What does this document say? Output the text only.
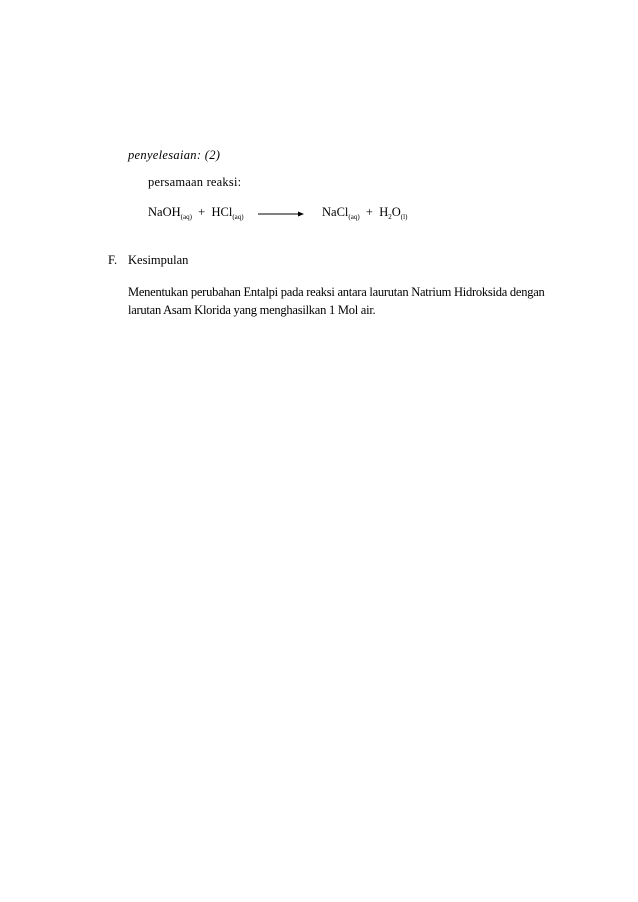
penyelesaian: (2)
persamaan reaksi:
NaOH$_{(aq)}$ + HCl$_{(aq)}$ → NaCl$_{(aq)}$ + $H_2O_{(l)}$
F. Kesimpulan
Menentukan perubahan Entalpi pada reaksi antara laurutan Natrium Hidroksida dengan
larutan Asam Klorida yang menghasilkan 1 Mol air.
